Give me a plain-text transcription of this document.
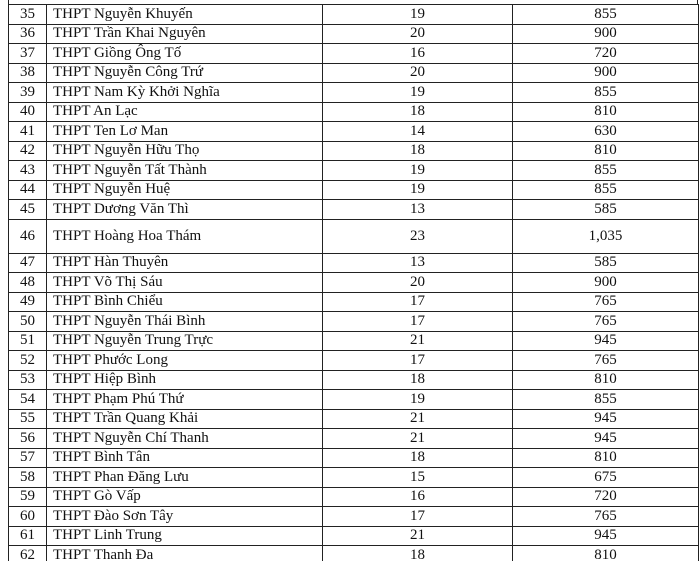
35	THPT Nguyễn Khuyến	19	855
36	THPT Trần Khai Nguyên	20	900
37	THPT Giồng Ông Tố	16	720
38	THPT Nguyễn Công Trứ	20	900
39	THPT Nam Kỳ Khởi Nghĩa	19	855
40	THPT An Lạc	18	810
41	THPT Ten Lơ Man	14	630
42	THPT Nguyễn Hữu Thọ	18	810
43	THPT Nguyễn Tất Thành	19	855
44	THPT Nguyễn Huệ	19	855
45	THPT Dương Văn Thì	13	585
46	THPT Hoàng Hoa Thám	23	1,035
47	THPT Hàn Thuyên	13	585
48	THPT Võ Thị Sáu	20	900
49	THPT Bình Chiểu	17	765
50	THPT Nguyễn Thái Bình	17	765
51	THPT Nguyễn Trung Trực	21	945
52	THPT Phước Long	17	765
53	THPT Hiệp Bình	18	810
54	THPT Phạm Phú Thứ	19	855
55	THPT Trần Quang Khải	21	945
56	THPT Nguyễn Chí Thanh	21	945
57	THPT Bình Tân	18	810
58	THPT Phan Đăng Lưu	15	675
59	THPT Gò Vấp	16	720
60	THPT Đào Sơn Tây	17	765
61	THPT Linh Trung	21	945
62	THPT Thanh Đa	18	810
